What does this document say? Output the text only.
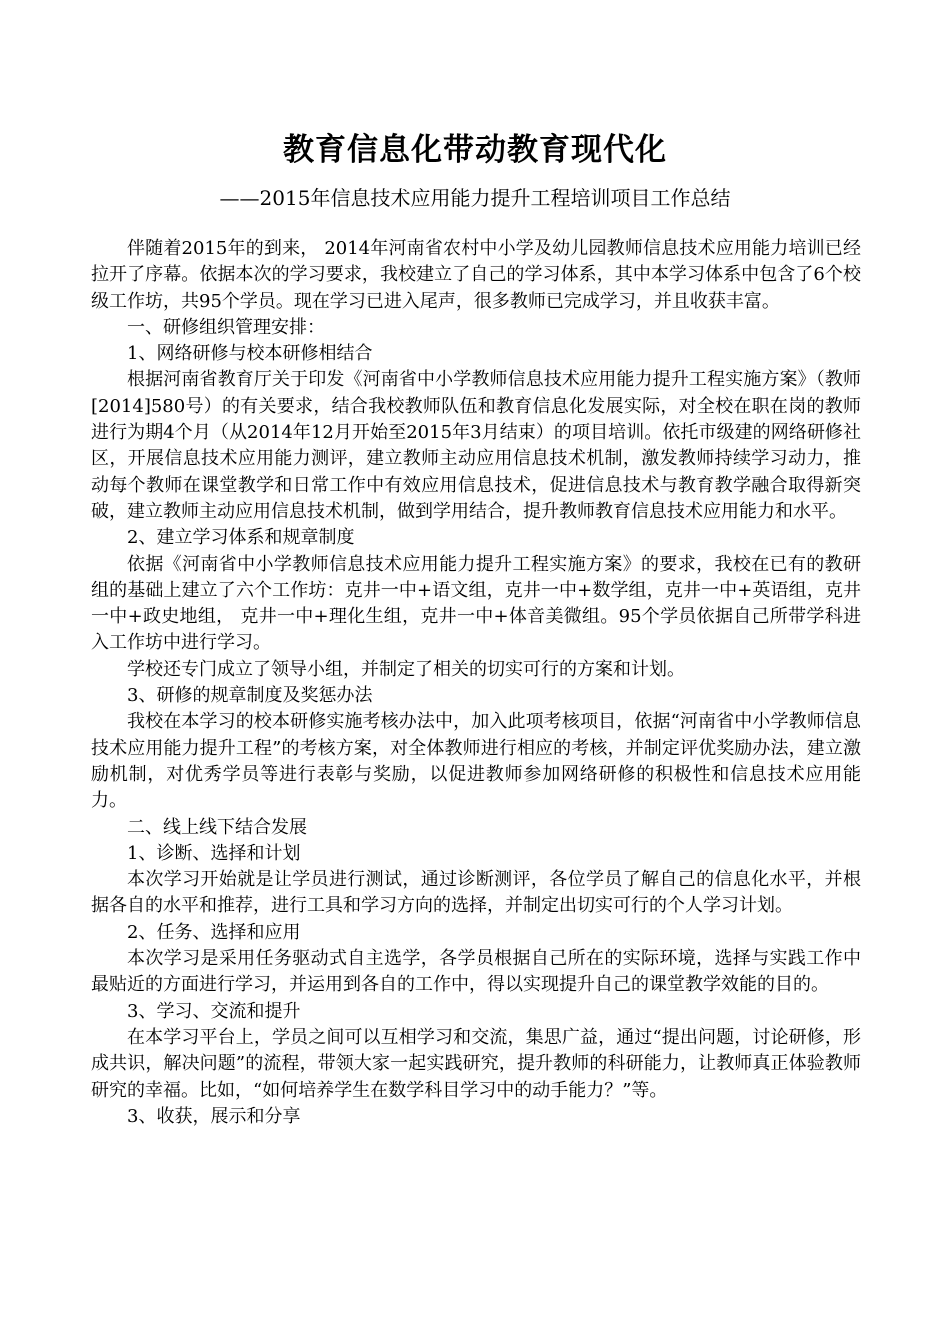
教育信息化带动教育现代化
——2015年信息技术应用能力提升工程培训项目工作总结

伴随着2015年的到来， 2014年河南省农村中小学及幼儿园教师信息技术应用能力培训已经拉开了序幕。依据本次的学习要求，我校建立了自己的学习体系，其中本学习体系中包含了6个校级工作坊，共95个学员。现在学习已进入尾声，很多教师已完成学习，并且收获丰富。

一、研修组织管理安排：

1、网络研修与校本研修相结合

根据河南省教育厅关于印发《河南省中小学教师信息技术应用能力提升工程实施方案》（教师[2014]580号）的有关要求，结合我校教师队伍和教育信息化发展实际，对全校在职在岗的教师进行为期4个月（从2014年12月开始至2015年3月结束）的项目培训。依托市级建的网络研修社区，开展信息技术应用能力测评，建立教师主动应用信息技术机制，激发教师持续学习动力，推动每个教师在课堂教学和日常工作中有效应用信息技术，促进信息技术与教育教学融合取得新突破，建立教师主动应用信息技术机制，做到学用结合，提升教师教育信息技术应用能力和水平。

2、建立学习体系和规章制度

依据《河南省中小学教师信息技术应用能力提升工程实施方案》的要求，我校在已有的教研组的基础上建立了六个工作坊：克井一中+语文组，克井一中+数学组，克井一中+英语组，克井一中+政史地组， 克井一中+理化生组，克井一中+体音美微组。95个学员依据自己所带学科进入工作坊中进行学习。

学校还专门成立了领导小组，并制定了相关的切实可行的方案和计划。

3、研修的规章制度及奖惩办法

我校在本学习的校本研修实施考核办法中，加入此项考核项目，依据“河南省中小学教师信息技术应用能力提升工程”的考核方案，对全体教师进行相应的考核，并制定评优奖励办法，建立激励机制，对优秀学员等进行表彰与奖励，以促进教师参加网络研修的积极性和信息技术应用能力。

二、线上线下结合发展

1、诊断、选择和计划

本次学习开始就是让学员进行测试，通过诊断测评，各位学员了解自己的信息化水平，并根据各自的水平和推荐，进行工具和学习方向的选择，并制定出切实可行的个人学习计划。

2、任务、选择和应用

本次学习是采用任务驱动式自主选学，各学员根据自己所在的实际环境，选择与实践工作中最贴近的方面进行学习，并运用到各自的工作中，得以实现提升自己的课堂教学效能的目的。

3、学习、交流和提升

在本学习平台上，学员之间可以互相学习和交流，集思广益，通过“提出问题，讨论研修，形成共识，解决问题”的流程，带领大家一起实践研究，提升教师的科研能力，让教师真正体验教师研究的幸福。比如，“如何培养学生在数学科目学习中的动手能力？”等。

3、收获，展示和分享
